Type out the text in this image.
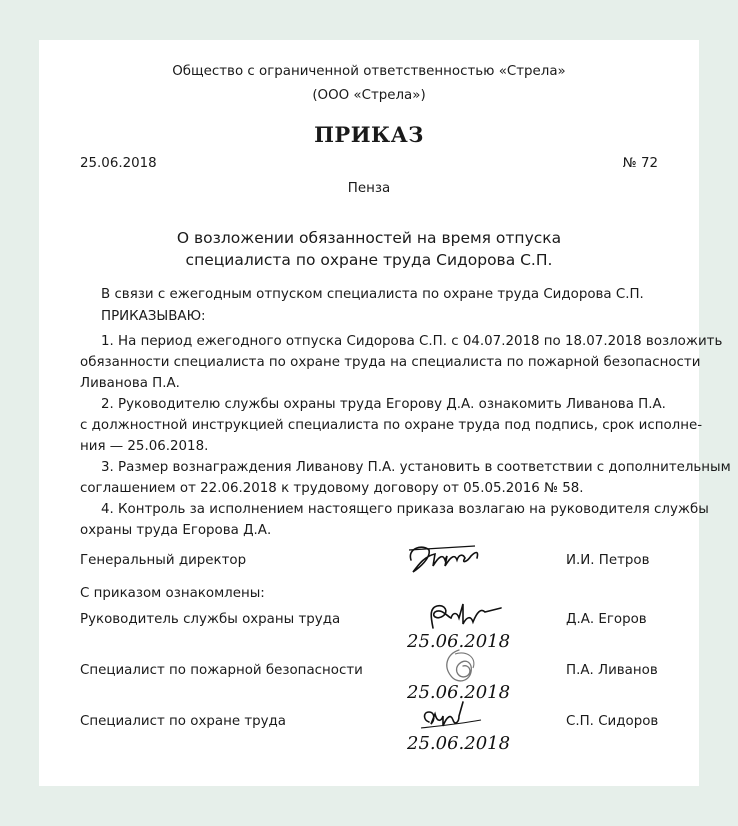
Общество с ограниченной ответственностью «Стрела»
(ООО «Стрела»)
ПРИКАЗ
25.06.2018	№ 72
Пенза
О возложении обязанностей на время отпуска
специалиста по охране труда Сидорова С.П.
В связи с ежегодным отпуском специалиста по охране труда Сидорова С.П.
ПРИКАЗЫВАЮ:
1. На период ежегодного отпуска Сидорова С.П. с 04.07.2018 по 18.07.2018 возложить
обязанности специалиста по охране труда на специалиста по пожарной безопасности
Ливанова П.А.
2. Руководителю службы охраны труда Егорову Д.А. ознакомить Ливанова П.А.
с должностной инструкцией специалиста по охране труда под подпись, срок исполне-
ния — 25.06.2018.
3. Размер вознаграждения Ливанову П.А. установить в соответствии с дополнительным
соглашением от 22.06.2018 к трудовому договору от 05.05.2016 № 58.
4. Контроль за исполнением настоящего приказа возлагаю на руководителя службы
охраны труда Егорова Д.А.
Генеральный директор	И.И. Петров
С приказом ознакомлены:
Руководитель службы охраны труда
25.06.2018
Д.А. Егоров
Специалист по пожарной безопасности
25.06.2018
П.А. Ливанов
Специалист по охране труда
25.06.2018
С.П. Сидоров
